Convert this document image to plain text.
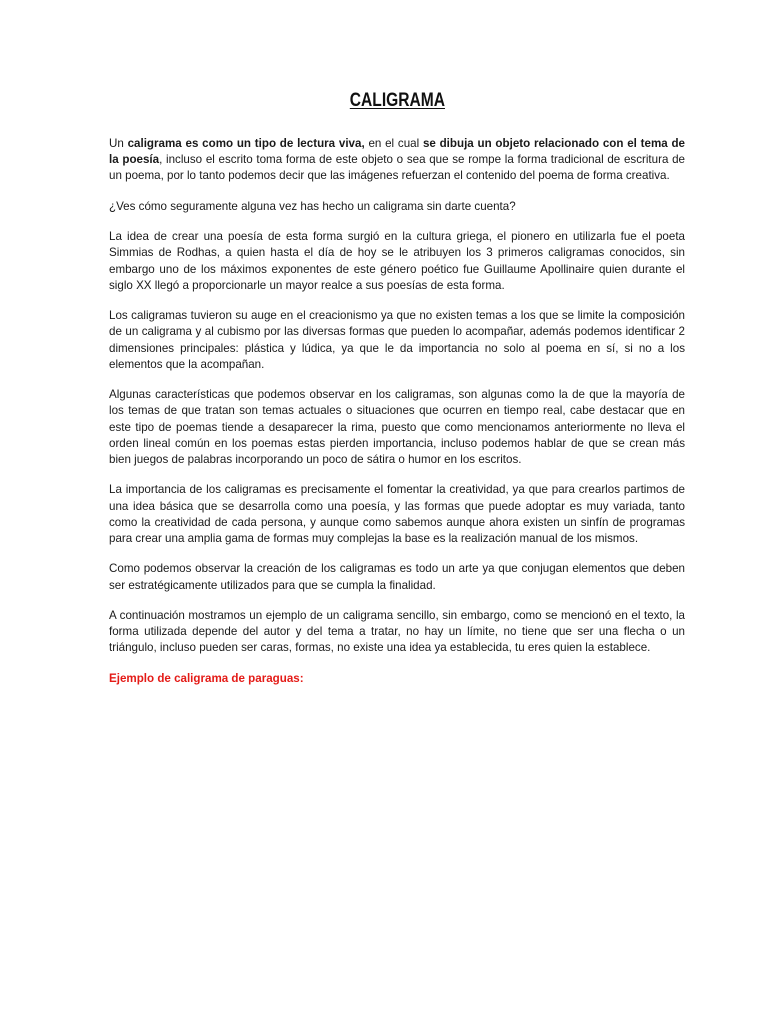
CALIGRAMA

Un caligrama es como un tipo de lectura viva, en el cual se dibuja un objeto relacionado con el tema de la poesía, incluso el escrito toma forma de este objeto o sea que se rompe la forma tradicional de escritura de un poema, por lo tanto podemos decir que las imágenes refuerzan el contenido del poema de forma creativa.

¿Ves cómo seguramente alguna vez has hecho un caligrama sin darte cuenta?

La idea de crear una poesía de esta forma surgió en la cultura griega, el pionero en utilizarla fue el poeta Simmias de Rodhas, a quien hasta el día de hoy se le atribuyen los 3 primeros caligramas conocidos, sin embargo uno de los máximos exponentes de este género poético fue Guillaume Apollinaire quien durante el siglo XX llegó a proporcionarle un mayor realce a sus poesías de esta forma.

Los caligramas tuvieron su auge en el creacionismo ya que no existen temas a los que se limite la composición de un caligrama y al cubismo por las diversas formas que pueden lo acompañar, además podemos identificar 2 dimensiones principales: plástica y lúdica, ya que le da importancia no solo al poema en sí, si no a los elementos que la acompañan.

Algunas características que podemos observar en los caligramas, son algunas como la de que la mayoría de los temas de que tratan son temas actuales o situaciones que ocurren en tiempo real, cabe destacar que en este tipo de poemas tiende a desaparecer la rima, puesto que como mencionamos anteriormente no lleva el orden lineal común en los poemas estas pierden importancia, incluso podemos hablar de que se crean más bien juegos de palabras incorporando un poco de sátira o humor en los escritos.

La importancia de los caligramas es precisamente el fomentar la creatividad, ya que para crearlos partimos de una idea básica que se desarrolla como una poesía, y las formas que puede adoptar es muy variada, tanto como la creatividad de cada persona, y aunque como sabemos aunque ahora existen un sinfín de programas para crear una amplia gama de formas muy complejas la base es la realización manual de los mismos.

Como podemos observar la creación de los caligramas es todo un arte ya que conjugan elementos que deben ser estratégicamente utilizados para que se cumpla la finalidad.

A continuación mostramos un ejemplo de un caligrama sencillo, sin embargo, como se mencionó en el texto, la forma utilizada depende del autor y del tema a tratar, no hay un límite, no tiene que ser una flecha o un triángulo, incluso pueden ser caras, formas, no existe una idea ya establecida, tu eres quien la establece.

Ejemplo de caligrama de paraguas:
